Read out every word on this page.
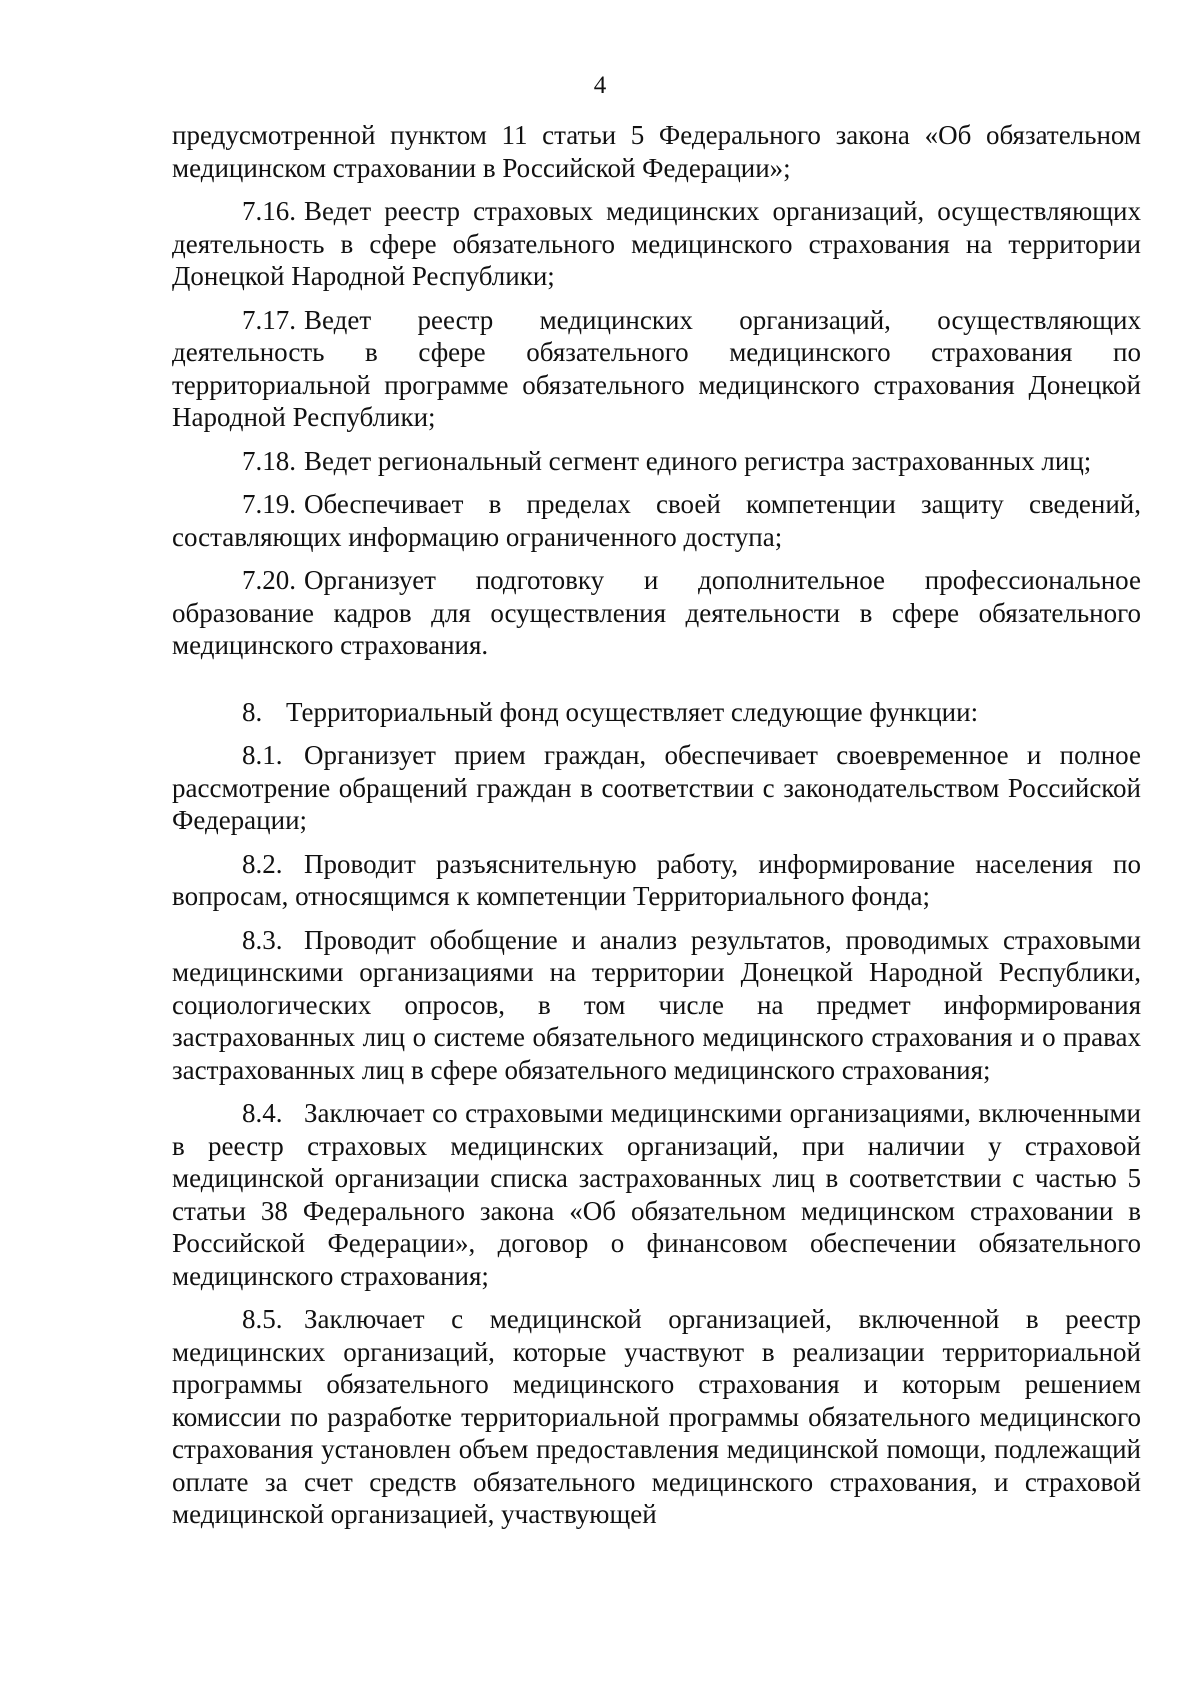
4

предусмотренной пунктом 11 статьи 5 Федерального закона «Об обязательном медицинском страховании в Российской Федерации»;

7.16. Ведет реестр страховых медицинских организаций, осуществляющих деятельность в сфере обязательного медицинского страхования на территории Донецкой Народной Республики;

7.17. Ведет реестр медицинских организаций, осуществляющих деятельность в сфере обязательного медицинского страхования по территориальной программе обязательного медицинского страхования Донецкой Народной Республики;

7.18. Ведет региональный сегмент единого регистра застрахованных лиц;

7.19. Обеспечивает в пределах своей компетенции защиту сведений, составляющих информацию ограниченного доступа;

7.20. Организует подготовку и дополнительное профессиональное образование кадров для осуществления деятельности в сфере обязательного медицинского страхования.

8. Территориальный фонд осуществляет следующие функции:

8.1. Организует прием граждан, обеспечивает своевременное и полное рассмотрение обращений граждан в соответствии с законодательством Российской Федерации;

8.2. Проводит разъяснительную работу, информирование населения по вопросам, относящимся к компетенции Территориального фонда;

8.3. Проводит обобщение и анализ результатов, проводимых страховыми медицинскими организациями на территории Донецкой Народной Республики, социологических опросов, в том числе на предмет информирования застрахованных лиц о системе обязательного медицинского страхования и о правах застрахованных лиц в сфере обязательного медицинского страхования;

8.4. Заключает со страховыми медицинскими организациями, включенными в реестр страховых медицинских организаций, при наличии у страховой медицинской организации списка застрахованных лиц в соответствии с частью 5 статьи 38 Федерального закона «Об обязательном медицинском страховании в Российской Федерации», договор о финансовом обеспечении обязательного медицинского страхования;

8.5. Заключает с медицинской организацией, включенной в реестр медицинских организаций, которые участвуют в реализации территориальной программы обязательного медицинского страхования и которым решением комиссии по разработке территориальной программы обязательного медицинского страхования установлен объем предоставления медицинской помощи, подлежащий оплате за счет средств обязательного медицинского страхования, и страховой медицинской организацией, участвующей
